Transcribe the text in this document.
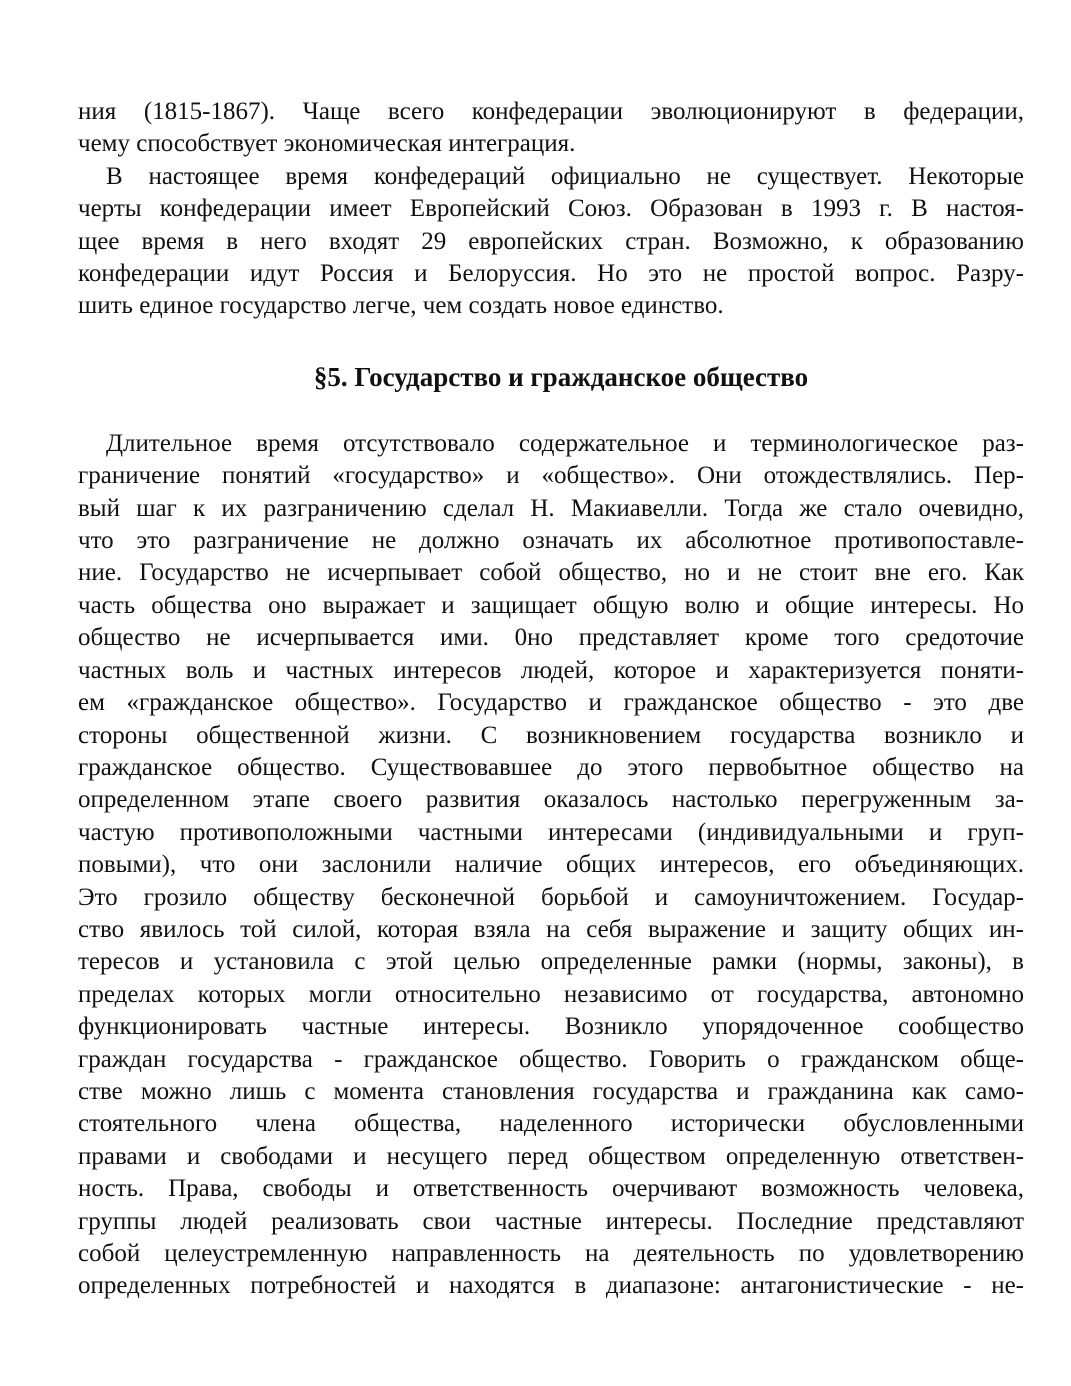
ния (1815-1867). Чаще всего конфедерации эволюционируют в федерации,
чему способствует экономическая интеграция.
В настоящее время конфедераций официально не существует. Некоторые
черты конфедерации имеет Европейский Союз. Образован в 1993 г. В настоя-
щее время в него входят 29 европейских стран. Возможно, к образованию
конфедерации идут Россия и Белоруссия. Но это не простой вопрос. Разру-
шить единое государство легче, чем создать новое единство.
§5. Государство и гражданское общество
Длительное время отсутствовало содержательное и терминологическое раз-
граничение понятий «государство» и «общество». Они отождествлялись. Пер-
вый шаг к их разграничению сделал Н. Макиавелли. Тогда же стало очевидно,
что это разграничение не должно означать их абсолютное противопоставле-
ние. Государство не исчерпывает собой общество, но и не стоит вне его. Как
часть общества оно выражает и защищает общую волю и общие интересы. Но
общество не исчерпывается ими. 0но представляет кроме того средоточие
частных воль и частных интересов людей, которое и характеризуется поняти-
ем «гражданское общество». Государство и гражданское общество - это две
стороны общественной жизни. С возникновением государства возникло и
гражданское общество. Существовавшее до этого первобытное общество на
определенном этапе своего развития оказалось настолько перегруженным за-
частую противоположными частными интересами (индивидуальными и груп-
повыми), что они заслонили наличие общих интересов, его объединяющих.
Это грозило обществу бесконечной борьбой и самоуничтожением. Государ-
ство явилось той силой, которая взяла на себя выражение и защиту общих ин-
тересов и установила с этой целью определенные рамки (нормы, законы), в
пределах которых могли относительно независимо от государства, автономно
функционировать частные интересы. Возникло упорядоченное сообщество
граждан государства - гражданское общество. Говорить о гражданском обще-
стве можно лишь с момента становления государства и гражданина как само-
стоятельного члена общества, наделенного исторически обусловленными
правами и свободами и несущего перед обществом определенную ответствен-
ность. Права, свободы и ответственность очерчивают возможность человека,
группы людей реализовать свои частные интересы. Последние представляют
собой целеустремленную направленность на деятельность по удовлетворению
определенных потребностей и находятся в диапазоне: антагонистические - не-
